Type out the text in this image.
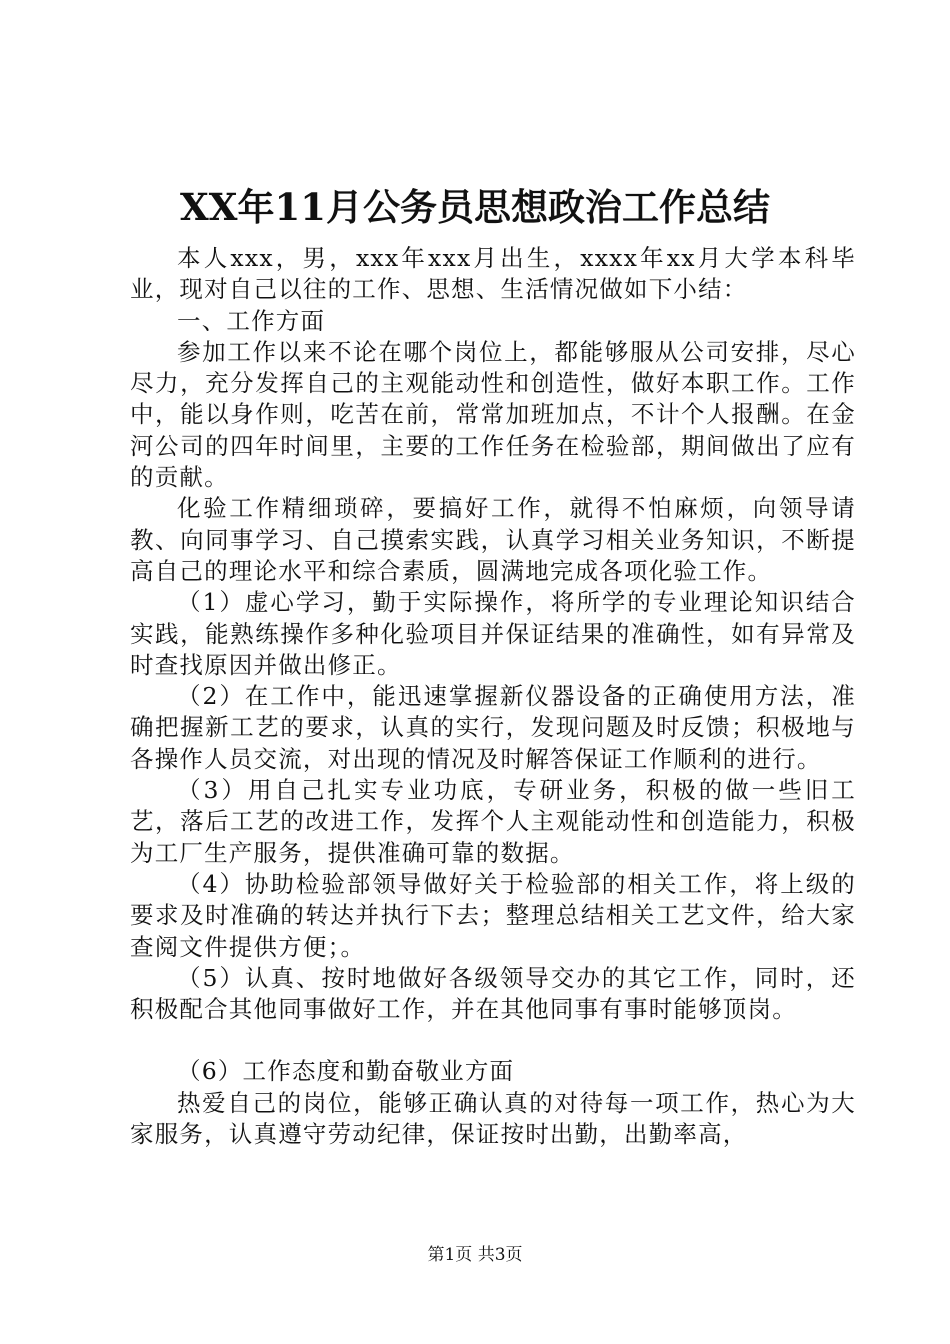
XX年11月公务员思想政治工作总结

本人xxx，男，xxx年xxx月出生，xxxx年xx月大学本科毕业，现对自己以往的工作、思想、生活情况做如下小结：

一、工作方面

参加工作以来不论在哪个岗位上，都能够服从公司安排，尽心尽力，充分发挥自己的主观能动性和创造性，做好本职工作。工作中，能以身作则，吃苦在前，常常加班加点，不计个人报酬。在金河公司的四年时间里，主要的工作任务在检验部，期间做出了应有的贡献。

化验工作精细琐碎，要搞好工作，就得不怕麻烦，向领导请教、向同事学习、自己摸索实践，认真学习相关业务知识，不断提高自己的理论水平和综合素质，圆满地完成各项化验工作。

（1）虚心学习，勤于实际操作，将所学的专业理论知识结合实践，能熟练操作多种化验项目并保证结果的准确性，如有异常及时查找原因并做出修正。

（2）在工作中，能迅速掌握新仪器设备的正确使用方法，准确把握新工艺的要求，认真的实行，发现问题及时反馈；积极地与各操作人员交流，对出现的情况及时解答保证工作顺利的进行。

（3）用自己扎实专业功底，专研业务，积极的做一些旧工艺，落后工艺的改进工作，发挥个人主观能动性和创造能力，积极为工厂生产服务，提供准确可靠的数据。

（4）协助检验部领导做好关于检验部的相关工作，将上级的要求及时准确的转达并执行下去；整理总结相关工艺文件，给大家查阅文件提供方便；。

（5）认真、按时地做好各级领导交办的其它工作，同时，还积极配合其他同事做好工作，并在其他同事有事时能够顶岗。

（6）工作态度和勤奋敬业方面

热爱自己的岗位，能够正确认真的对待每一项工作，热心为大家服务，认真遵守劳动纪律，保证按时出勤，出勤率高，

第1页 共3页
